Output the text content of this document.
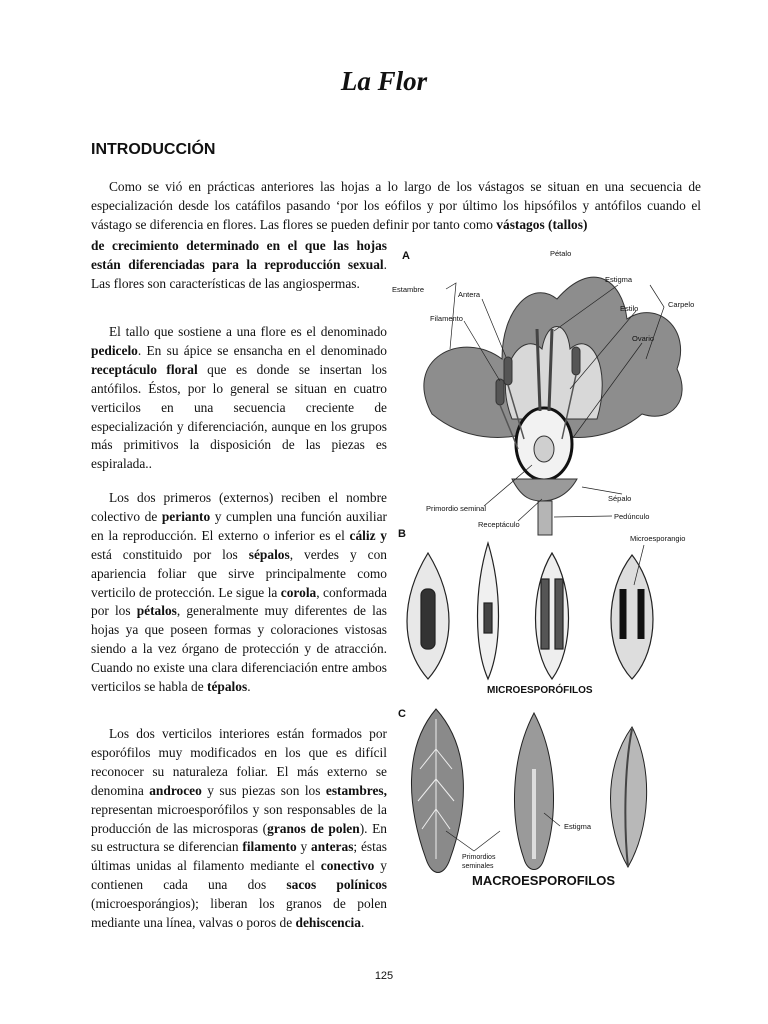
La Flor
INTRODUCCIÓN

Como se vió en prácticas anteriores las hojas a lo largo de los vástagos se situan en una secuencia de especialización desde los catáfilos pasando ‘por los eófilos y por último los hipsófilos y antófilos cuando el vástago se diferencia en flores. Las flores se pueden definir por tanto como vástagos (tallos)

de crecimiento determinado en el que las hojas están diferenciadas para la reproducción sexual. Las flores son características de las angiospermas.

El tallo que sostiene a una flore es el denominado pedicelo. En su ápice se ensancha en el denominado receptáculo floral que es donde se insertan los antófilos. Éstos, por lo general se situan en cuatro verticilos en una secuencia creciente de especialización y diferenciación, aunque en los grupos más primitivos la disposición de las piezas es espiralada..

Los dos primeros (externos) reciben el nombre colectivo de perianto y cumplen una función auxiliar en la reproducción. El externo o inferior es el cáliz y está constituido por los sépalos, verdes y con apariencia foliar que sirve principalmente como verticilo de protección. Le sigue la corola, conformada por los pétalos, generalmente muy diferentes de las hojas ya que poseen formas y coloraciones vistosas siendo a la vez órgano de protección y de atracción. Cuando no existe una clara diferenciación entre ambos verticilos se habla de tépalos.

Los dos verticilos interiores están formados por esporófilos muy modificados en los que es difícil reconocer su naturaleza foliar. El más externo se denomina androceo y sus piezas son los estambres, representan microesporófilos y son responsables de la producción de las microsporas (granos de polen). En su estructura se diferencian filamento y anteras; éstas últimas unidas al filamento mediante el conectivo y contienen cada una dos sacos polínicos (microesporángios); liberan los granos de polen mediante una línea, valvas o poros de dehiscencia.

A	Pétalo
Estigma
Estambre
Antera
Carpelo
Estilo
Filamento
Ovario
Primordio seminal
Sépalo
Pedúnculo
Receptáculo
B	Microesporangio
MICROESPORÓFILOS
C
Estigma
Primordios
seminales
MACROESPOROFILOS
125
